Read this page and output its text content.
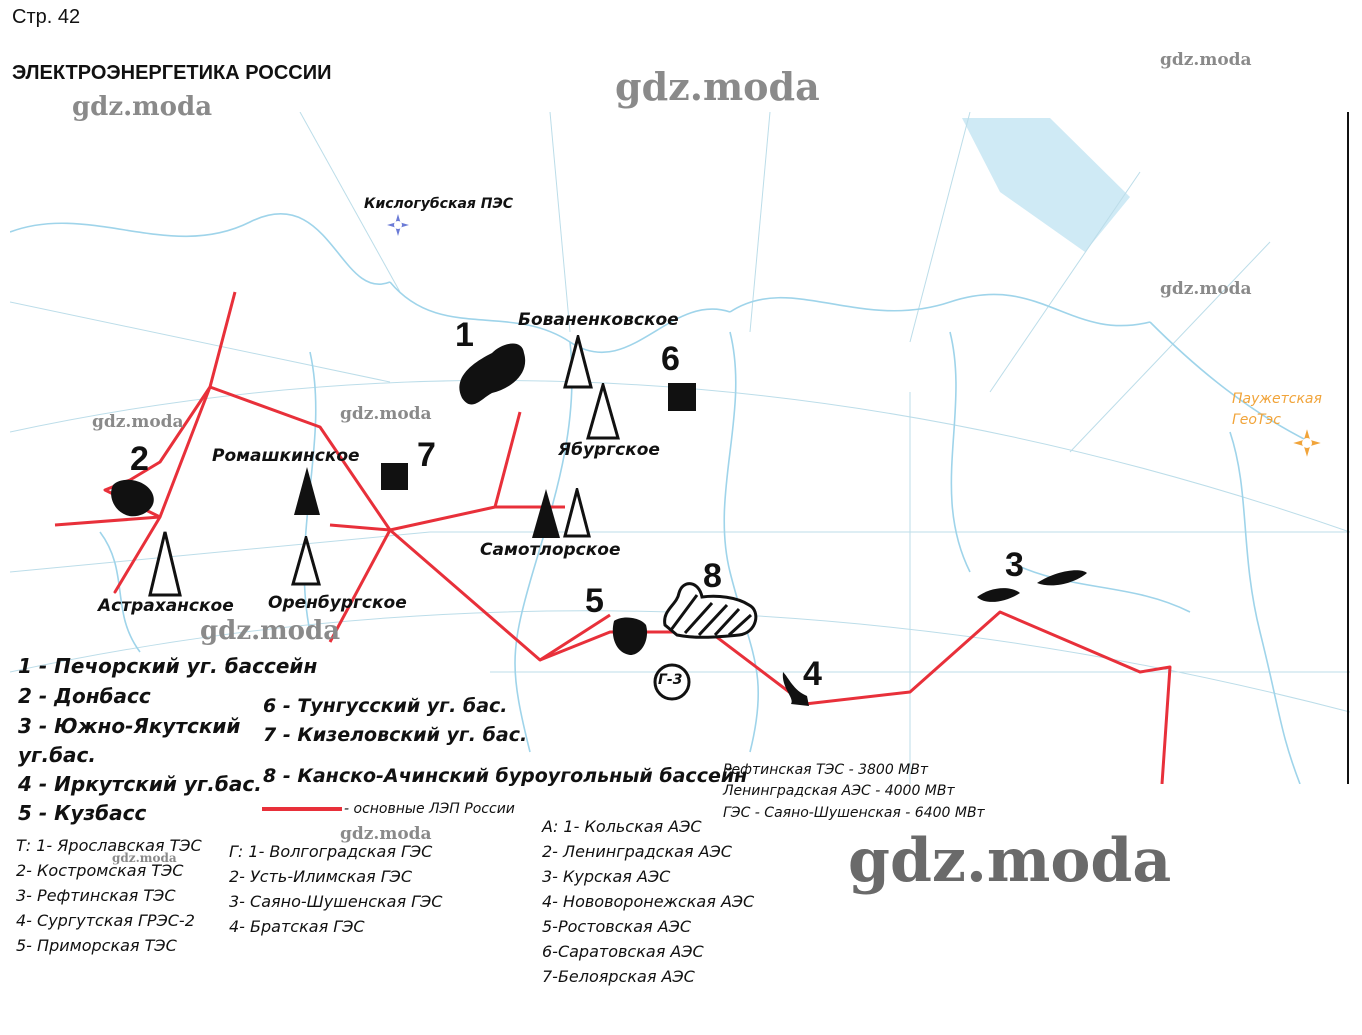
Стр. 42
ЭЛЕКТРОЭНЕРГЕТИКА РОССИИ
Г-3
Кислогубская ПЭС
Бованенковское
Ябургское
Ромашкинское
Самотлорское
Астраханское Оренбургское
Паужетская
ГеоТэс
1
2
3
4
5
6
7
8
gdz.moda
gdz.moda
gdz.moda
gdz.moda
gdz.moda	gdz.moda
gdz.moda
gdz.moda
gdz.moda	gdz.moda
1 - Печорский уг. бассейн
2 - Донбасс
3 - Южно-Якутский
уг.бас.
4 - Иркутский уг.бас.
5 - Кузбасс
6 - Тунгусский уг. бас.
7 - Кизеловский уг. бас.
8 - Канско-Ачинский буроугольный бассейн
- основные ЛЭП России
Рефтинская ТЭС - 3800 МВт
Ленинградская АЭС - 4000 МВт
ГЭС - Саяно-Шушенская - 6400 МВт
Т: 1- Ярославская ТЭС
2- Костромская ТЭС
3- Рефтинская ТЭС
4- Сургутская ГРЭС-2
5- Приморская ТЭС
Г: 1- Волгоградская ГЭС
2- Усть-Илимская ГЭС
3- Саяно-Шушенская ГЭС
4- Братская ГЭС
А: 1- Кольская АЭС
2- Ленинградская АЭС
3- Курская АЭС
4- Нововоронежская АЭС
5-Ростовская АЭС
6-Саратовская АЭС
7-Белоярская АЭС
